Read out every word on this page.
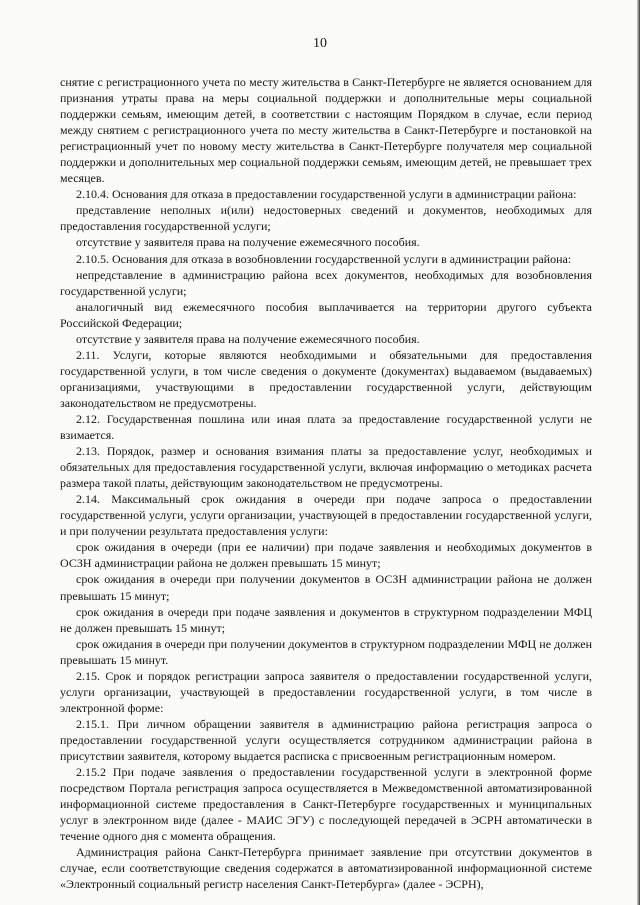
10

снятие с регистрационного учета по месту жительства в Санкт-Петербурге не является основанием для признания утраты права на меры социальной поддержки и дополнительные меры социальной поддержки семьям, имеющим детей, в соответствии с настоящим Порядком в случае, если период между снятием с регистрационного учета по месту жительства в Санкт-Петербурге и постановкой на регистрационный учет по новому месту жительства в Санкт-Петербурге получателя мер социальной поддержки и дополнительных мер социальной поддержки семьям, имеющим детей, не превышает трех месяцев.

2.10.4. Основания для отказа в предоставлении государственной услуги в администрации района:

представление неполных и(или) недостоверных сведений и документов, необходимых для предоставления государственной услуги;

отсутствие у заявителя права на получение ежемесячного пособия.

2.10.5. Основания для отказа в возобновлении государственной услуги в администрации района:

непредставление в администрацию района всех документов, необходимых для возобновления государственной услуги;

аналогичный вид ежемесячного пособия выплачивается на территории другого субъекта Российской Федерации;

отсутствие у заявителя права на получение ежемесячного пособия.

2.11. Услуги, которые являются необходимыми и обязательными для предоставления государственной услуги, в том числе сведения о документе (документах) выдаваемом (выдаваемых) организациями, участвующими в предоставлении государственной услуги, действующим законодательством не предусмотрены.

2.12. Государственная пошлина или иная плата за предоставление государственной услуги не взимается.

2.13. Порядок, размер и основания взимания платы за предоставление услуг, необходимых и обязательных для предоставления государственной услуги, включая информацию о методиках расчета размера такой платы, действующим законодательством не предусмотрены.

2.14. Максимальный срок ожидания в очереди при подаче запроса о предоставлении государственной услуги, услуги организации, участвующей в предоставлении государственной услуги, и при получении результата предоставления услуги:

срок ожидания в очереди (при ее наличии) при подаче заявления и необходимых документов в ОСЗН администрации района не должен превышать 15 минут;

срок ожидания в очереди при получении документов в ОСЗН администрации района не должен превышать 15 минут;

срок ожидания в очереди при подаче заявления и документов в структурном подразделении МФЦ не должен превышать 15 минут;

срок ожидания в очереди при получении документов в структурном подразделении МФЦ не должен превышать 15 минут.

2.15. Срок и порядок регистрации запроса заявителя о предоставлении государственной услуги, услуги организации, участвующей в предоставлении государственной услуги, в том числе в электронной форме:

2.15.1. При личном обращении заявителя в администрацию района регистрация запроса о предоставлении государственной услуги осуществляется сотрудником администрации района в присутствии заявителя, которому выдается расписка с присвоенным регистрационным номером.

2.15.2 При подаче заявления о предоставлении государственной услуги в электронной форме посредством Портала регистрация запроса осуществляется в Межведомственной автоматизированной информационной системе предоставления в Санкт-Петербурге государственных и муниципальных услуг в электронном виде (далее - МАИС ЭГУ) с последующей передачей в ЭСРН автоматически в течение одного дня с момента обращения.

Администрация района Санкт-Петербурга принимает заявление при отсутствии документов в случае, если соответствующие сведения содержатся в автоматизированной информационной системе «Электронный социальный регистр населения Санкт-Петербурга» (далее - ЭСРН),
